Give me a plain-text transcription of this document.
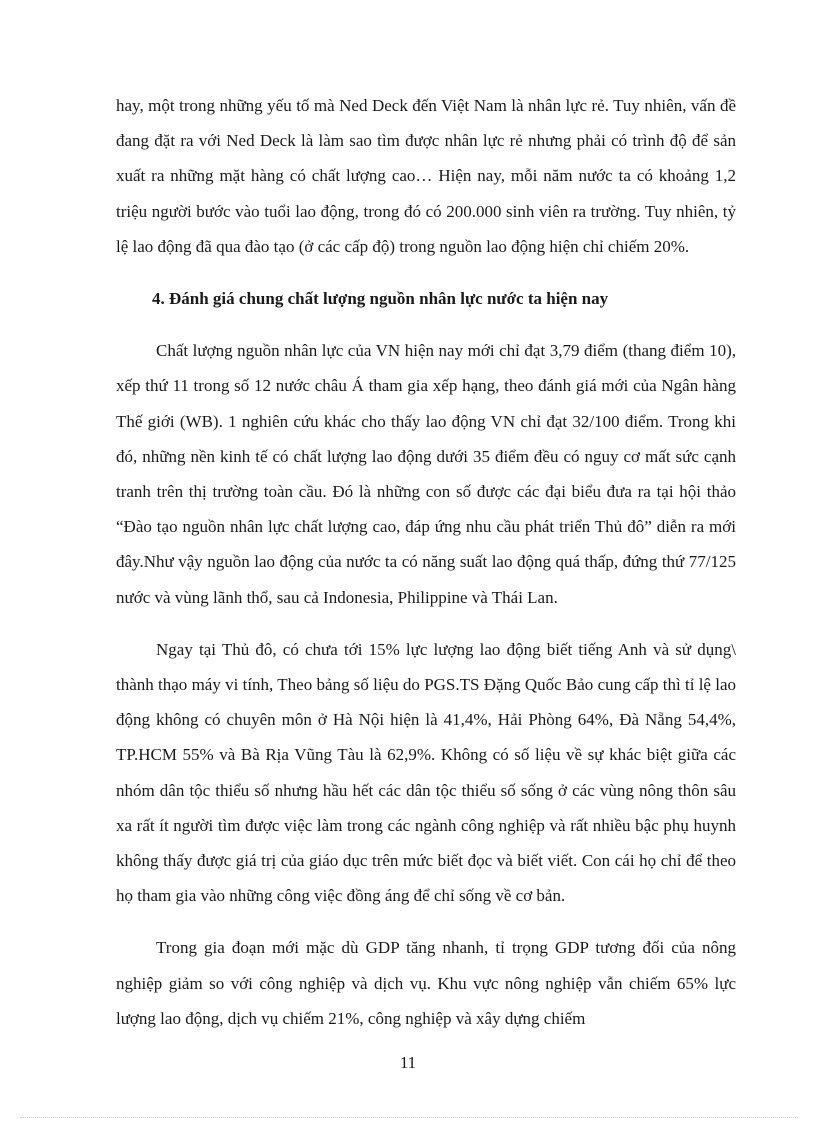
hay, một trong những yếu tố mà Ned Deck đến Việt Nam là nhân lực rẻ. Tuy nhiên, vấn đề đang đặt ra với Ned Deck là làm sao tìm được nhân lực rẻ nhưng phải có trình độ để sản xuất ra những mặt hàng có chất lượng cao… Hiện nay, mỗi năm nước ta có khoảng 1,2 triệu người bước vào tuổi lao động, trong đó có 200.000 sinh viên ra trường. Tuy nhiên, tỷ lệ lao động đã qua đào tạo (ở các cấp độ) trong nguồn lao động hiện chỉ chiếm 20%.

4. Đánh giá chung chất lượng nguồn nhân lực nước ta hiện nay

Chất lượng nguồn nhân lực của VN hiện nay mới chỉ đạt 3,79 điểm (thang điểm 10), xếp thứ 11 trong số 12 nước châu Á tham gia xếp hạng, theo đánh giá mới của Ngân hàng Thế giới (WB). 1 nghiên cứu khác cho thấy lao động VN chỉ đạt 32/100 điểm. Trong khi đó, những nền kinh tế có chất lượng lao động dưới 35 điểm đều có nguy cơ mất sức cạnh tranh trên thị trường toàn cầu. Đó là những con số được các đại biểu đưa ra tại hội thảo “Đào tạo nguồn nhân lực chất lượng cao, đáp ứng nhu cầu phát triển Thủ đô” diễn ra mới đây.Như vậy nguồn lao động của nước ta có năng suất lao động quá thấp, đứng thứ 77/125 nước và vùng lãnh thổ, sau cả Indonesia, Philippine và Thái Lan.

Ngay tại Thủ đô, có chưa tới 15% lực lượng lao động biết tiếng Anh và sử dụng\ thành thạo máy vi tính, Theo bảng số liệu do PGS.TS Đặng Quốc Bảo cung cấp thì tỉ lệ lao động không có chuyên môn ở Hà Nội hiện là 41,4%, Hải Phòng 64%, Đà Nẵng 54,4%, TP.HCM 55% và Bà Rịa Vũng Tàu là 62,9%. Không có số liệu về sự khác biệt giữa các nhóm dân tộc thiểu số nhưng hầu hết các dân tộc thiểu số sống ở các vùng nông thôn sâu xa rất ít người tìm được việc làm trong các ngành công nghiệp và rất nhiều bậc phụ huynh không thấy được giá trị của giáo dục trên mức biết đọc và biết viết. Con cái họ chỉ để theo họ tham gia vào những công việc đồng áng để chỉ sống về cơ bản.

Trong gia đoạn mới mặc dù GDP tăng nhanh, tỉ trọng GDP tương đối của nông nghiệp giảm so với công nghiệp và dịch vụ. Khu vực nông nghiệp vẫn chiếm 65% lực lượng lao động, dịch vụ chiếm 21%, công nghiệp và xây dựng chiếm

11
